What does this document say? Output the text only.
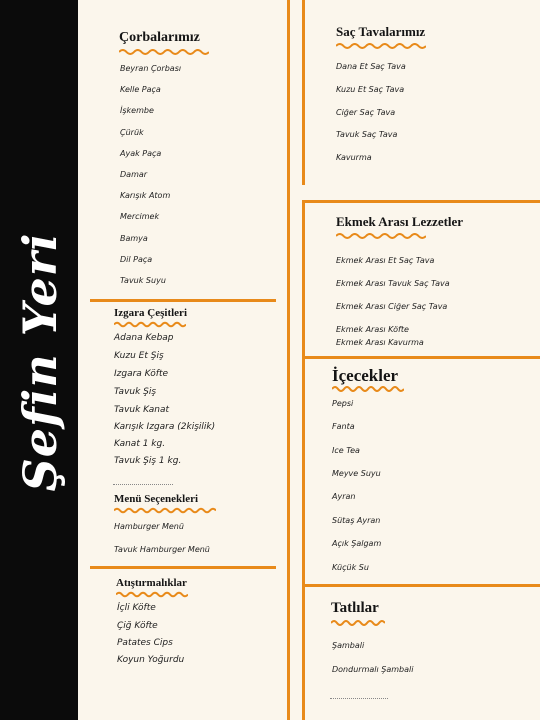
Şefin Yeri
Çorbalarımız
Beyran Çorbası
Kelle Paça
İşkembe
Çürük
Ayak Paça
Damar
Karışık Atom
Mercimek
Bamya
Dil Paça
Tavuk Suyu
Izgara Çeşitleri
Adana Kebap
Kuzu Et Şiş
Izgara Köfte
Tavuk Şiş
Tavuk Kanat
Karışık Izgara (2kişilik)
Kanat 1 kg.
Tavuk Şiş 1 kg.
Menü Seçenekleri
Hamburger Menü
Tavuk Hamburger Menü
Atıştırmalıklar
İçli Köfte
Çiğ Köfte
Patates Cips
Koyun Yoğurdu
Saç Tavalarımız
Dana Et Saç Tava
Kuzu Et Saç Tava
Ciğer Saç Tava
Tavuk Saç Tava
Kavurma
Ekmek Arası Lezzetler
Ekmek Arası Et Saç Tava
Ekmek Arası Tavuk Saç Tava
Ekmek Arası Ciğer Saç Tava
Ekmek Arası Köfte
Ekmek Arası Kavurma
İçecekler
Pepsi
Fanta
Ice Tea
Meyve Suyu
Ayran
Sütaş Ayran
Açık Şalgam
Küçük Su
Tatlılar
Şambali
Dondurmalı Şambali
